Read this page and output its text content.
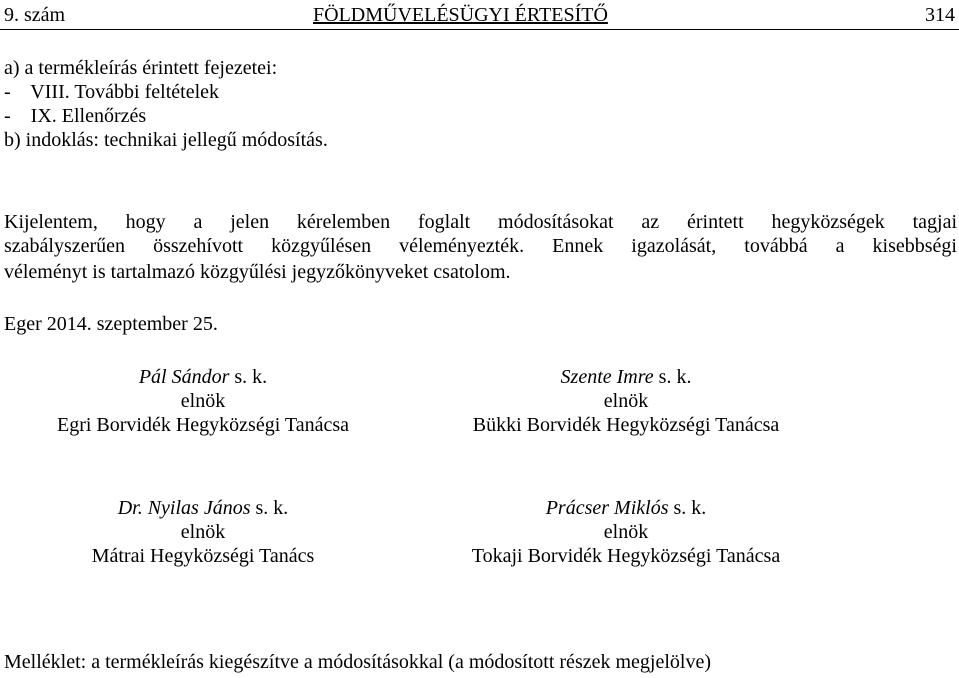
9. szám	FÖLDMŰVELÉSÜGYI ÉRTESÍTŐ	314
a) a termékleírás érintett fejezetei:
-    VIII. További feltételek
-    IX. Ellenőrzés
b) indoklás: technikai jellegű módosítás.
Kijelentem, hogy a jelen kérelemben foglalt módosításokat az érintett hegyközségek tagjai
szabályszerűen összehívott közgyűlésen véleményezték. Ennek igazolását, továbbá a kisebbségi
véleményt is tartalmazó közgyűlési jegyzőkönyveket csatolom.
Eger 2014. szeptember 25.
Pál Sándor s. k.
elnök
Egri Borvidék Hegyközségi Tanácsa
Szente Imre s. k.
elnök
Bükki Borvidék Hegyközségi Tanácsa
Dr. Nyilas János s. k.
elnök
Mátrai Hegyközségi Tanács
Prácser Miklós s. k.
elnök
Tokaji Borvidék Hegyközségi Tanácsa
Melléklet: a termékleírás kiegészítve a módosításokkal (a módosított részek megjelölve)
